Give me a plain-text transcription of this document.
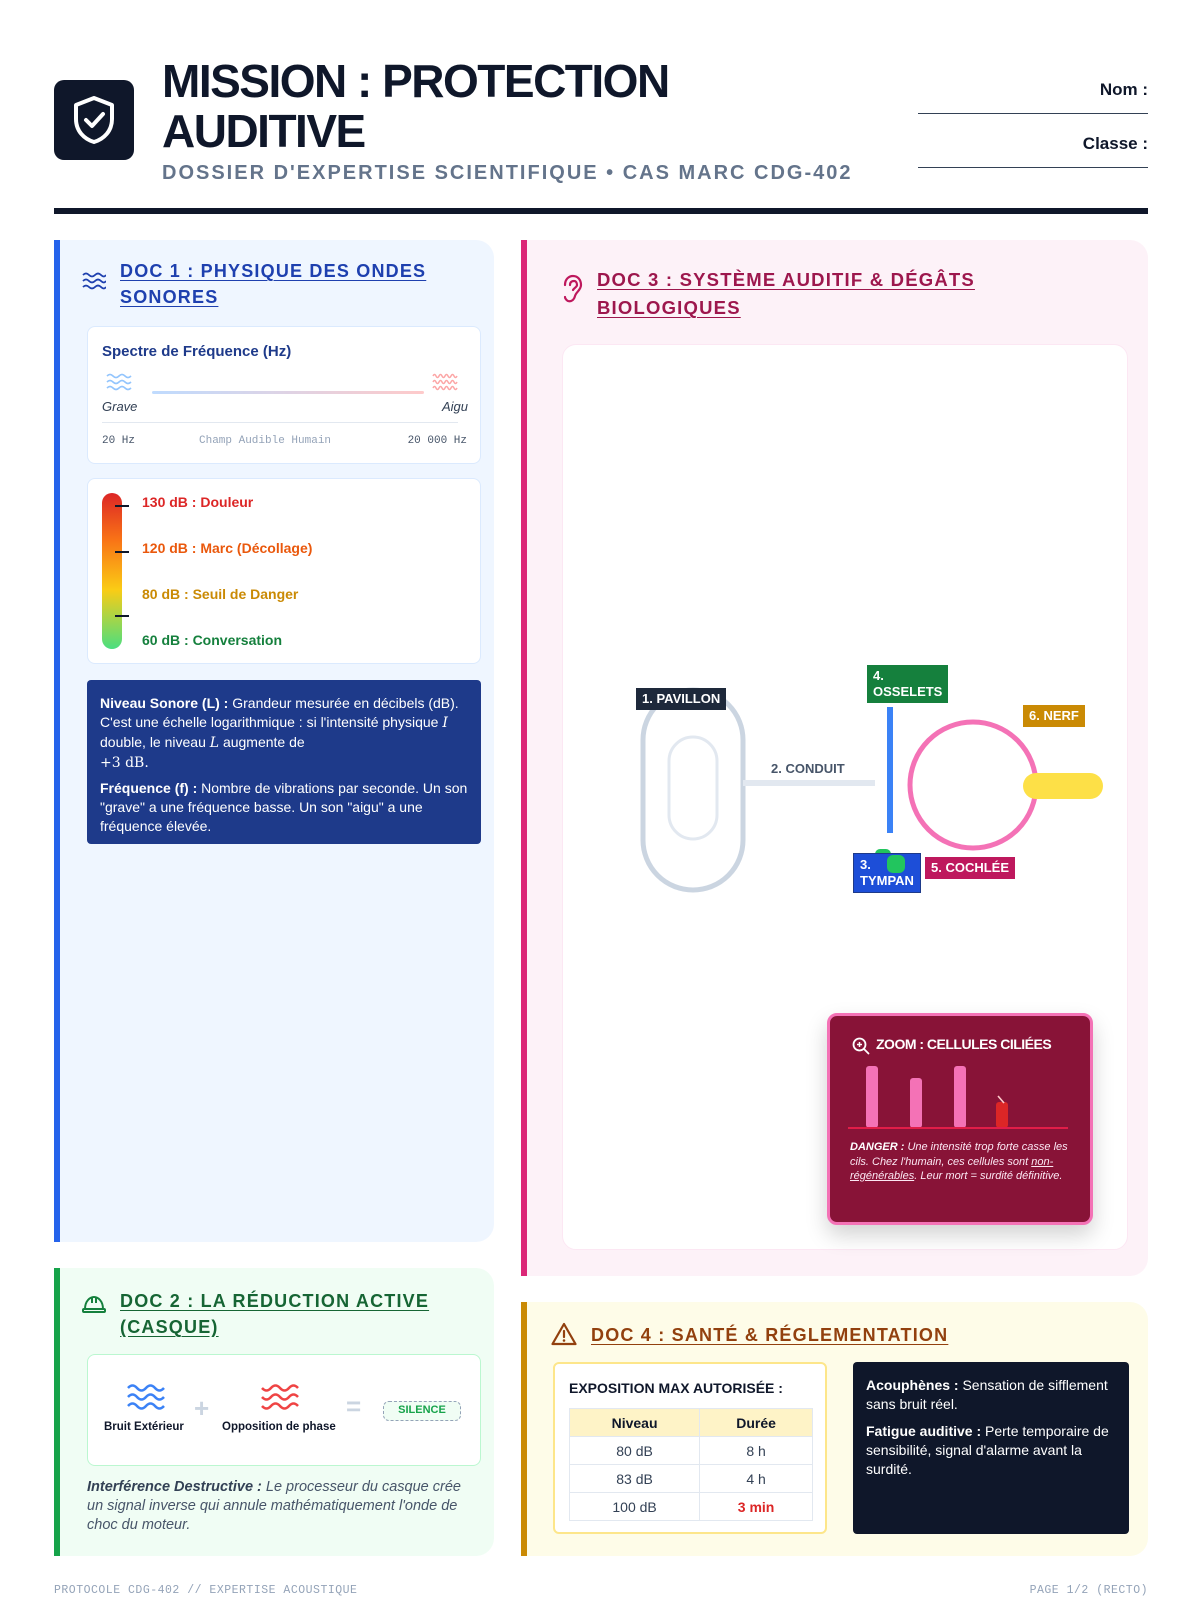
MISSION : PROTECTION
AUDITIVE
DOSSIER D'EXPERTISE SCIENTIFIQUE • CAS MARC CDG-402
Nom :
Classe :
DOC 1 : PHYSIQUE DES ONDES
SONORES
Spectre de Fréquence (Hz)
Grave	Aigu
20 Hz	Champ Audible Humain	20 000 Hz
130 dB : Douleur
120 dB : Marc (Décollage)
80 dB : Seuil de Danger
60 dB : Conversation

Niveau Sonore (L) : Grandeur mesurée en décibels (dB). C'est une échelle logarithmique : si l'intensité physique I double, le niveau L augmente de
+3 dB.

Fréquence (f) : Nombre de vibrations par seconde. Un son "grave" a une fréquence basse. Un son "aigu" a une fréquence élevée.

DOC 2 : LA RÉDUCTION ACTIVE
(CASQUE)
Bruit Extérieur
+
Opposition de phase
=	SILENCE
Interférence Destructive : Le processeur du casque crée un signal inverse qui annule mathématiquement l'onde de choc du moteur.
DOC 3 : SYSTÈME AUDITIF & DÉGÂTS
BIOLOGIQUES
1. PAVILLON
2. CONDUIT
4.
OSSELETS
6. NERF
3.
TYMPAN
5. COCHLÉE
ZOOM : CELLULES CILIÉES
DANGER : Une intensité trop forte casse les cils. Chez l'humain, ces cellules sont non-régénérables. Leur mort = surdité définitive.
DOC 4 : SANTÉ & RÉGLEMENTATION
EXPOSITION MAX AUTORISÉE :
Niveau	Durée
80 dB	8 h
83 dB	4 h
100 dB	3 min

Acouphènes : Sensation de sifflement sans bruit réel.

Fatigue auditive : Perte temporaire de sensibilité, signal d'alarme avant la surdité.

PROTOCOLE CDG-402 // EXPERTISE ACOUSTIQUE	PAGE 1/2 (RECTO)
